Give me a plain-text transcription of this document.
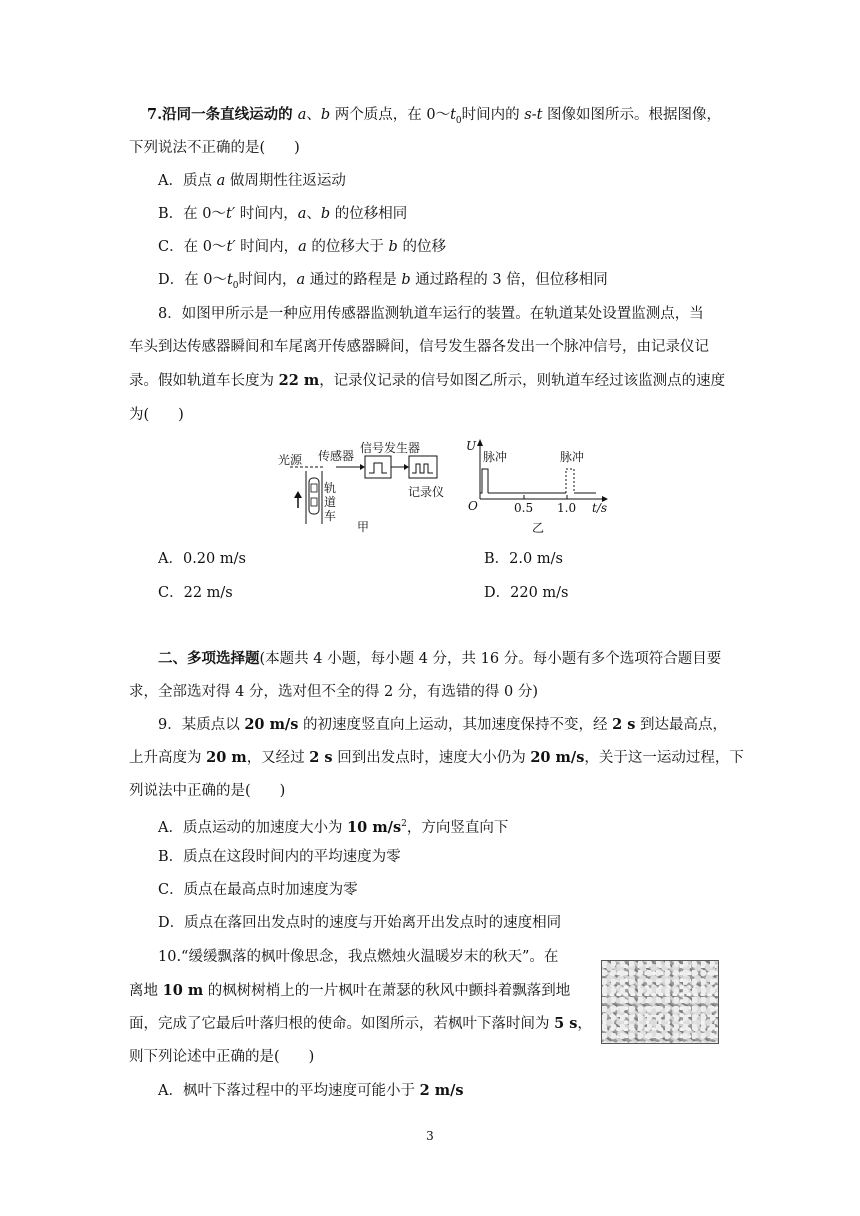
7.沿同一条直线运动的 a、b 两个质点，在 $0\sim t_0$时间内的 s-t 图像如图所示。根据图像，
下列说法不正确的是(　　)
A．质点 a 做周期性往返运动
B．在 0～t′ 时间内，a、b 的位移相同
C．在 0～t′ 时间内，a 的位移大于 b 的位移
D．在 $0\sim t_0$时间内，a 通过的路程是 b 通过路程的 3 倍，但位移相同
8．如图甲所示是一种应用传感器监测轨道车运行的装置。在轨道某处设置监测点，当
车头到达传感器瞬间和车尾离开传感器瞬间，信号发生器各发出一个脉冲信号，由记录仪记
录。假如轨道车长度为 22 m，记录仪记录的信号如图乙所示，则轨道车经过该监测点的速度
为(　　)
光源 传感器
信号发生器
记录仪
轨
道
车
甲
U
O	0.5 1.0 t/s
乙
脉冲	脉冲
A．0.20 m/s	B．2.0 m/s
C．22 m/s	D．220 m/s
二、多项选择题(本题共 4 小题，每小题 4 分，共 16 分。每小题有多个选项符合题目要
求，全部选对得 4 分，选对但不全的得 2 分，有选错的得 0 分)
9．某质点以 20 m/s 的初速度竖直向上运动，其加速度保持不变，经 2 s 到达最高点，
上升高度为 20 m，又经过 2 s 回到出发点时，速度大小仍为 20 m/s，关于这一运动过程，下
列说法中正确的是(　　)
A．质点运动的加速度大小为 10 $m/s^2$，方向竖直向下
B．质点在这段时间内的平均速度为零
C．质点在最高点时加速度为零
D．质点在落回出发点时的速度与开始离开出发点时的速度相同
10.“缓缓飘落的枫叶像思念，我点燃烛火温暖岁末的秋天”。在
离地 10 m 的枫树树梢上的一片枫叶在萧瑟的秋风中颤抖着飘落到地
面，完成了它最后叶落归根的使命。如图所示，若枫叶下落时间为 5 s，
则下列论述中正确的是(　　)
A．枫叶下落过程中的平均速度可能小于 2 m/s
3
